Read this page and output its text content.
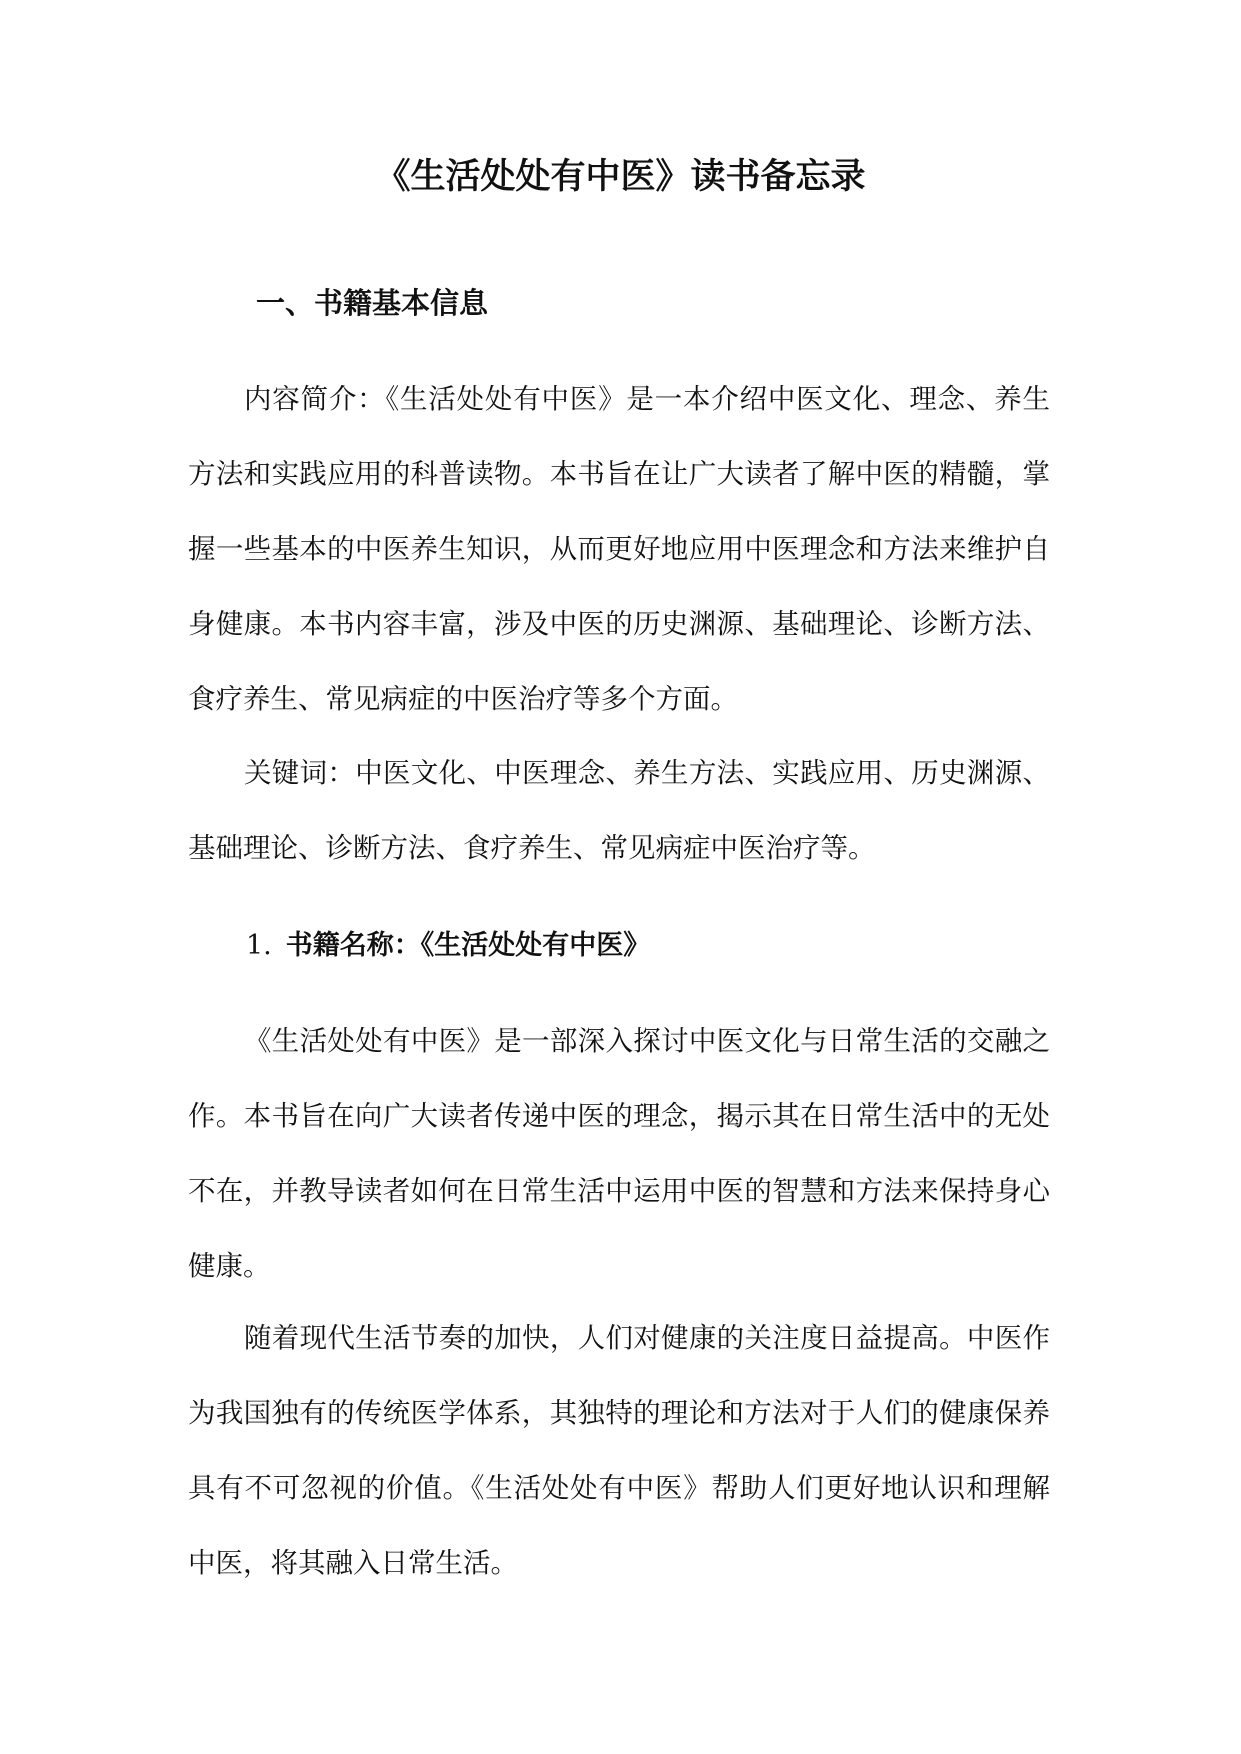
《生活处处有中医》读书备忘录
一、书籍基本信息

内容简介：《生活处处有中医》是一本介绍中医文化、理念、养生方法和实践应用的科普读物。本书旨在让广大读者了解中医的精髓，掌握一些基本的中医养生知识，从而更好地应用中医理念和方法来维护自身健康。本书内容丰富，涉及中医的历史渊源、基础理论、诊断方法、食疗养生、常见病症的中医治疗等多个方面。

关键词：中医文化、中医理念、养生方法、实践应用、历史渊源、基础理论、诊断方法、食疗养生、常见病症中医治疗等。

1. 书籍名称：《生活处处有中医》

《生活处处有中医》是一部深入探讨中医文化与日常生活的交融之作。本书旨在向广大读者传递中医的理念，揭示其在日常生活中的无处不在，并教导读者如何在日常生活中运用中医的智慧和方法来保持身心健康。

随着现代生活节奏的加快，人们对健康的关注度日益提高。中医作为我国独有的传统医学体系，其独特的理论和方法对于人们的健康保养具有不可忽视的价值。《生活处处有中医》帮助人们更好地认识和理解中医，将其融入日常生活。
